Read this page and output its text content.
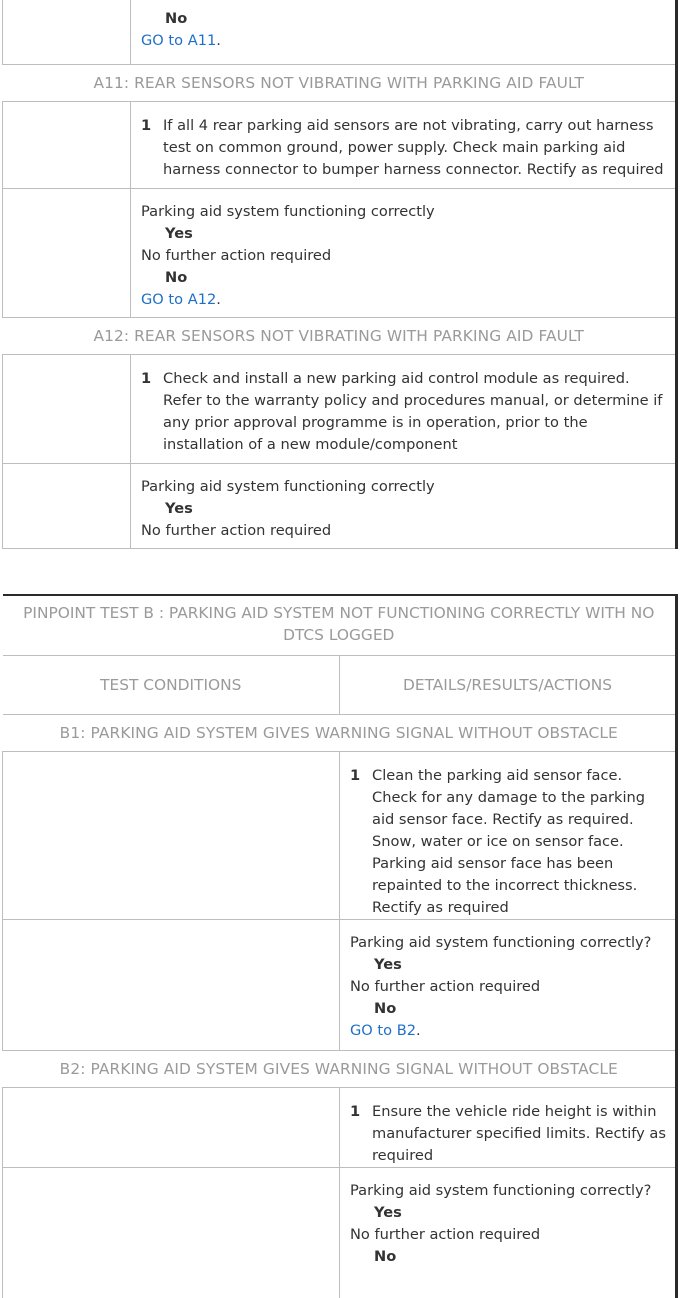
	No
GO to A11.

A11: REAR SENSORS NOT VIBRATING WITH PARKING AID FAULT	

	1 If all 4 rear parking aid sensors are not vibrating, carry out harness test on common ground, power supply. Check main parking aid harness connector to bumper harness connector. Rectify as required

	Parking aid system functioning correctly
Yes
No further action required
No
GO to A12.

A12: REAR SENSORS NOT VIBRATING WITH PARKING AID FAULT	

	1 Check and install a new parking aid control module as required. Refer to the warranty policy and procedures manual, or determine if any prior approval programme is in operation, prior to the installation of a new module/component

	Parking aid system functioning correctly
Yes
No further action required
PINPOINT TEST B : PARKING AID SYSTEM NOT FUNCTIONING CORRECTLY WITH NO DTCS LOGGED	
TEST CONDITIONS	DETAILS/RESULTS/ACTIONS
B1: PARKING AID SYSTEM GIVES WARNING SIGNAL WITHOUT OBSTACLE	

	1 Clean the parking aid sensor face. Check for any damage to the parking aid sensor face. Rectify as required. Snow, water or ice on sensor face. Parking aid sensor face has been repainted to the incorrect thickness. Rectify as required

	Parking aid system functioning correctly?
Yes
No further action required
No
GO to B2.

B2: PARKING AID SYSTEM GIVES WARNING SIGNAL WITHOUT OBSTACLE	

	1 Ensure the vehicle ride height is within manufacturer specified limits. Rectify as required

	Parking aid system functioning correctly?
Yes
No further action required
No
